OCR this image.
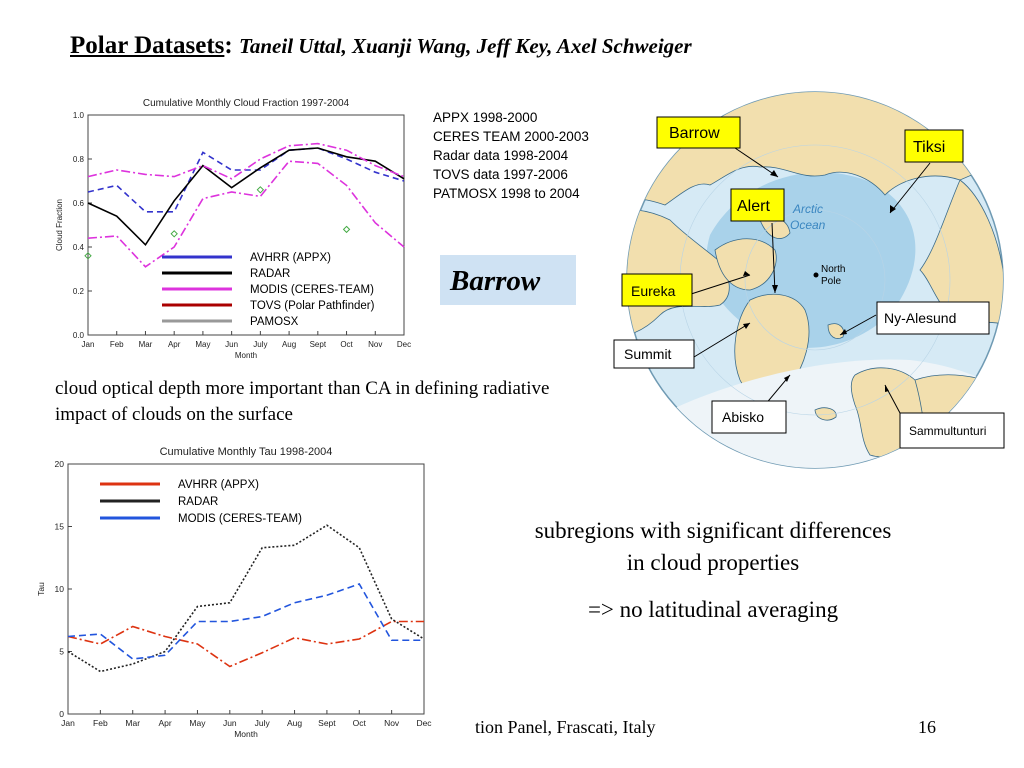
Polar Datasets: Taneil Uttal, Xuanji Wang, Jeff Key, Axel Schweiger
Cumulative Monthly Cloud Fraction 1997-2004
0.0
0.2
0.4
0.6
0.8
1.0
Jan Feb Mar Apr May Jun July Aug Sept Oct Nov Dec
Month
Cloud Fraction
AVHRR (APPX)
RADAR
MODIS (CERES-TEAM)
TOVS (Polar Pathfinder)
PAMOSX
APPX 1998-2000
CERES TEAM 2000-2003
Radar data 1998-2004
TOVS data 1997-2006
PATMOSX 1998 to 2004
Barrow
Arctic
Ocean
North
Pole
Barrow
Tiksi
Alert
Eureka
Ny-Alesund
Summit
Abisko
Sammultunturi
cloud optical depth more important than CA in defining radiative impact of clouds on the surface
Cumulative Monthly Tau 1998-2004
0
5
10
15
20
Jan Feb Mar Apr May Jun July Aug Sept Oct Nov Dec
Month
Tau
AVHRR (APPX)
RADAR
MODIS (CERES-TEAM)	subregions with significant differences
in cloud properties
=> no latitudinal averaging
tion Panel, Frascati, Italy	16
